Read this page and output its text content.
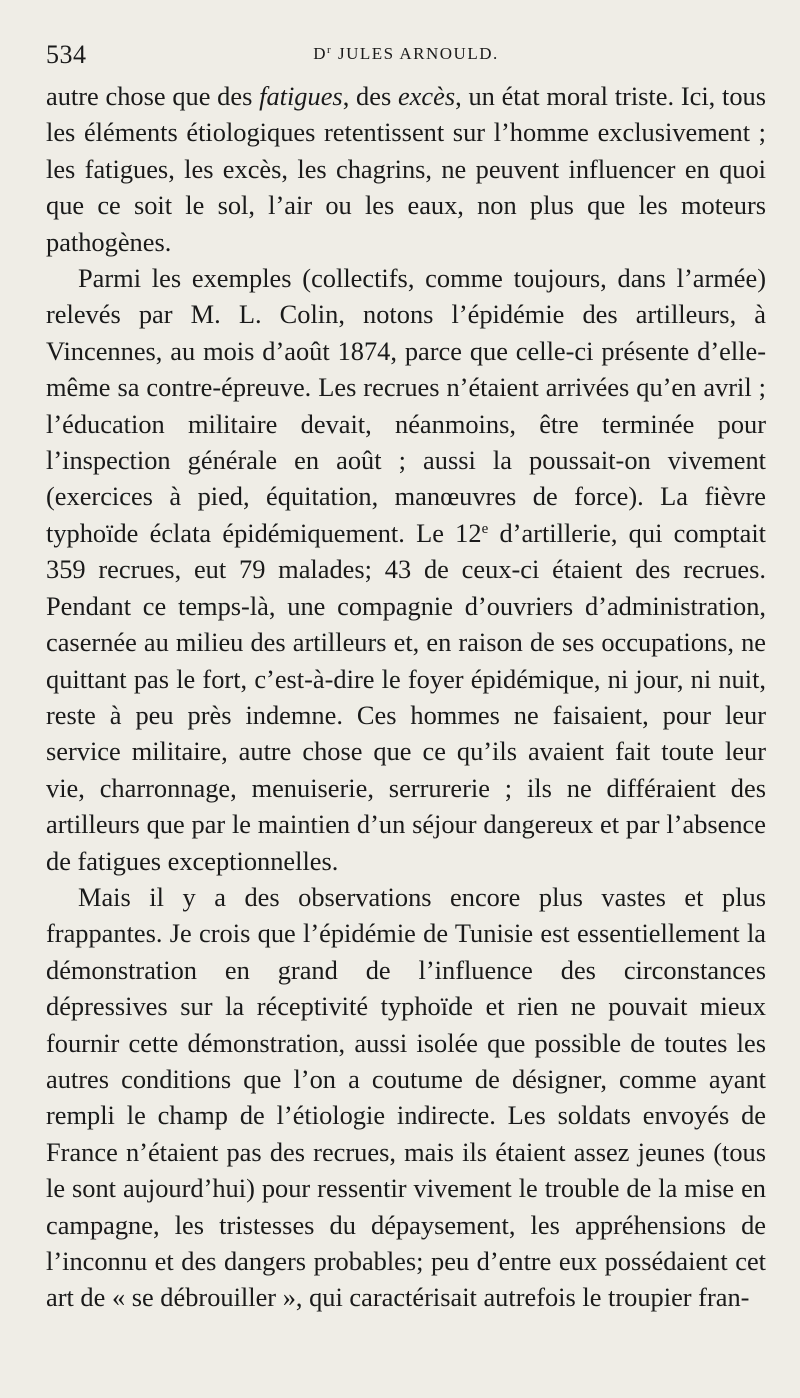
534	$D^r$ JULES ARNOULD.

autre chose que des fatigues, des excès, un état moral triste. Ici, tous les éléments étiologiques retentissent sur l’homme exclusivement ; les fatigues, les excès, les chagrins, ne peuvent influencer en quoi que ce soit le sol, l’air ou les eaux, non plus que les moteurs pathogènes.

Parmi les exemples (collectifs, comme toujours, dans l’armée) relevés par M. L. Colin, notons l’épidémie des artilleurs, à Vincennes, au mois d’août 1874, parce que celle-ci présente d’elle-même sa contre-épreuve. Les recrues n’étaient arrivées qu’en avril ; l’éducation militaire devait, néanmoins, être terminée pour l’inspection générale en août ; aussi la poussait-on vivement (exercices à pied, équitation, manœuvres de force). La fièvre typhoïde éclata épidémiquement. Le 12e d’artillerie, qui comptait 359 recrues, eut 79 malades; 43 de ceux-ci étaient des recrues. Pendant ce temps-là, une compagnie d’ouvriers d’administration, casernée au milieu des artilleurs et, en raison de ses occupations, ne quittant pas le fort, c’est-à-dire le foyer épidémique, ni jour, ni nuit, reste à peu près indemne. Ces hommes ne faisaient, pour leur service militaire, autre chose que ce qu’ils avaient fait toute leur vie, charronnage, menuiserie, serrurerie ; ils ne différaient des artilleurs que par le maintien d’un séjour dangereux et par l’absence de fatigues exceptionnelles.

Mais il y a des observations encore plus vastes et plus frappantes. Je crois que l’épidémie de Tunisie est essentiellement la démonstration en grand de l’influence des circonstances dépressives sur la réceptivité typhoïde et rien ne pouvait mieux fournir cette démonstration, aussi isolée que possible de toutes les autres conditions que l’on a coutume de désigner, comme ayant rempli le champ de l’étiologie indirecte. Les soldats envoyés de France n’étaient pas des recrues, mais ils étaient assez jeunes (tous le sont aujourd’hui) pour ressentir vivement le trouble de la mise en campagne, les tristesses du dépaysement, les appréhensions de l’inconnu et des dangers probables; peu d’entre eux possédaient cet art de « se débrouiller », qui caractérisait autrefois le troupier fran-
